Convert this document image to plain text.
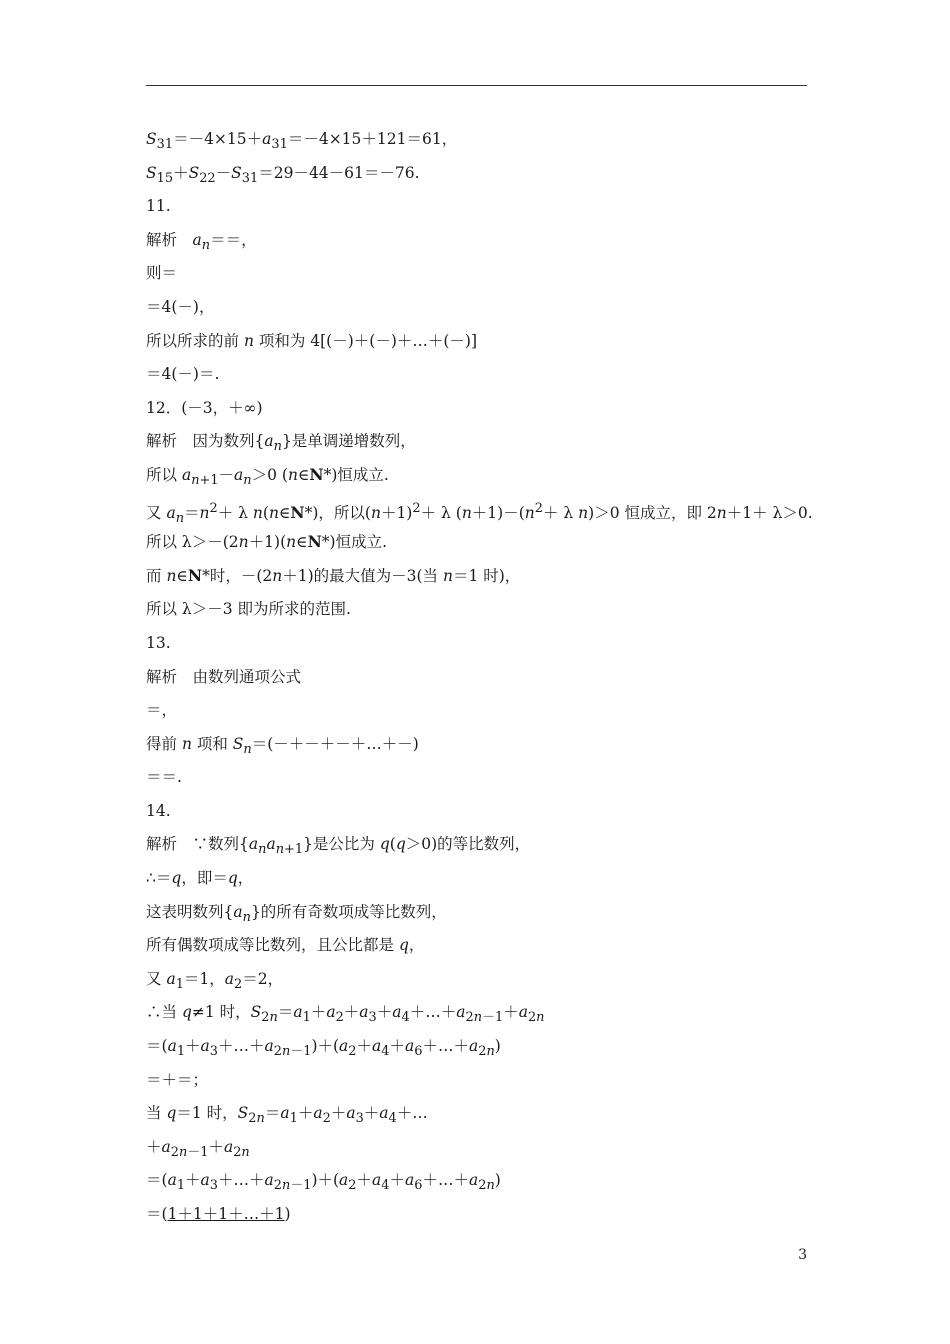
$S_{31}=-4\times 15+a_{31}=-4\times 15+121=61$，
$S_{15}+S_{22}-S_{31}=29-44-61=-76$.
11.
解析　$a_n==$，
则＝
＝4(－)，
所以所求的前 n 项和为 4[(－)＋(－)＋…＋(－)]
＝4(－)＝.
12．(－3，＋∞)
解析　因为数列$\{a_n\}$是单调递增数列，
所以 $a_{n+1}-a_n>0$ (n∈N*)恒成立.
又 $a_n=n^2+ \lambda$ n(n∈N*)，所以$(n+1)^2+ \lambda$ $(n+1)-(n^2+ \lambda$ n)＞0 恒成立，即 2n＋1＋ λ＞0.
所以 λ＞－(2n＋1)(n∈N*)恒成立.
而 n∈N*时，－(2n＋1)的最大值为－3(当 n＝1 时)，
所以 λ＞－3 即为所求的范围.
13.
解析　由数列通项公式
＝，
得前 n 项和 $S_n=(-+-+-+\dots+-)$
＝＝.
14.
解析　∵数列$\{a_na_{n+1}\}$是公比为 q(q＞0)的等比数列，
∴＝q，即＝q，
这表明数列$\{a_n\}$的所有奇数项成等比数列，
所有偶数项成等比数列，且公比都是 q，
又 $a_1=1$，$a_2=2$，
∴当 q≠1 时，$S_{2n}=a_1+a_2+a_3+a_4+\dots+a_{2n-1}+a_{2n}$
$=(a_1+a_3+\dots+a_{2n-1})+(a_2+a_4+a_6+\dots+a_{2n})$
＝＋＝；
当 q＝1 时，$S_{2n}=a_1+a_2+a_3+a_4+\dots$
$+a_{2n-1}+a_{2n}$
$=(a_1+a_3+\dots+a_{2n-1})+(a_2+a_4+a_6+\dots+a_{2n})$
＝(1＋1＋1＋…＋1)
3
